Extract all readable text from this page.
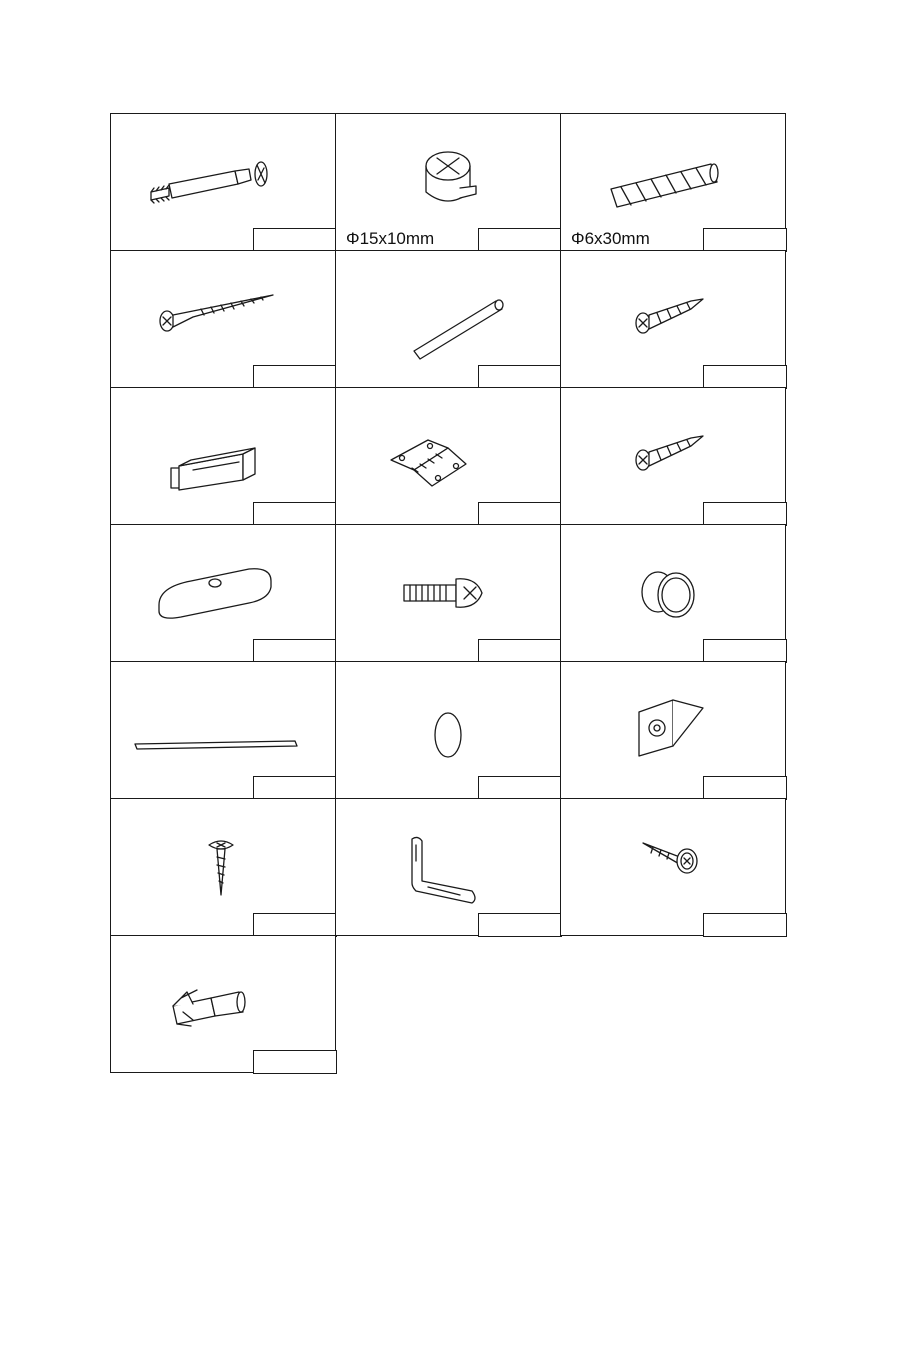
Φ15x10mm	Φ6x30mm
